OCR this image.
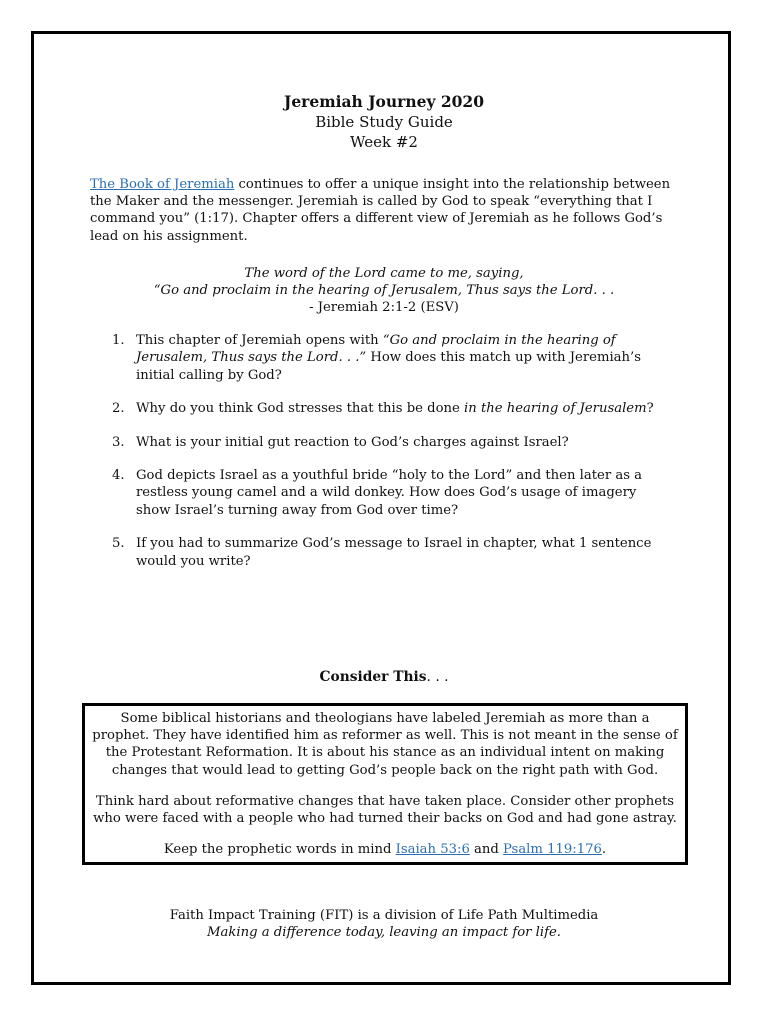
Jeremiah Journey 2020
Bible Study Guide
Week #2
The Book of Jeremiah continues to offer a unique insight into the relationship between the Maker and the messenger. Jeremiah is called by God to speak “everything that I command you” (1:17). Chapter offers a different view of Jeremiah as he follows God’s lead on his assignment.
The word of the Lord came to me, saying,
“Go and proclaim in the hearing of Jerusalem, Thus says the Lord. . .
- Jeremiah 2:1-2 (ESV)
1. This chapter of Jeremiah opens with “Go and proclaim in the hearing of Jerusalem, Thus says the Lord. . .” How does this match up with Jeremiah’s initial calling by God?
2. Why do you think God stresses that this be done in the hearing of Jerusalem?
3. What is your initial gut reaction to God’s charges against Israel?
4. God depicts Israel as a youthful bride “holy to the Lord” and then later as a restless young camel and a wild donkey. How does God’s usage of imagery show Israel’s turning away from God over time?
5. If you had to summarize God’s message to Israel in chapter, what 1 sentence would you write?
Consider This. . .

Some biblical historians and theologians have labeled Jeremiah as more than a prophet. They have identified him as reformer as well. This is not meant in the sense of the Protestant Reformation. It is about his stance as an individual intent on making changes that would lead to getting God’s people back on the right path with God.

Think hard about reformative changes that have taken place. Consider other prophets who were faced with a people who had turned their backs on God and had gone astray.

Keep the prophetic words in mind Isaiah 53:6 and Psalm 119:176.

Faith Impact Training (FIT) is a division of Life Path Multimedia
Making a difference today, leaving an impact for life.
